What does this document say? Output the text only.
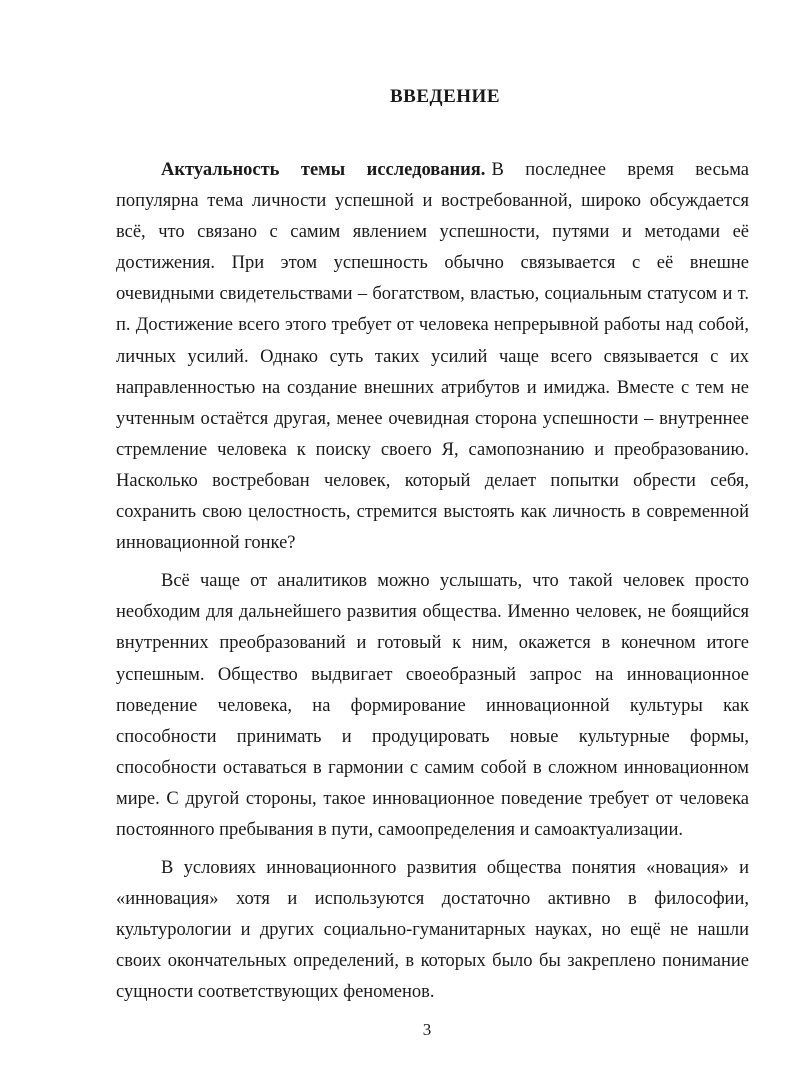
ВВЕДЕНИЕ

Актуальность темы исследования. В последнее время весьма популярна тема личности успешной и востребованной, широко обсуждается всё, что связано с самим явлением успешности, путями и методами её достижения. При этом успешность обычно связывается с её внешне очевидными свидетельствами – богатством, властью, социальным статусом и т. п. Достижение всего этого требует от человека непрерывной работы над собой, личных усилий. Однако суть таких усилий чаще всего связывается с их направленностью на создание внешних атрибутов и имиджа. Вместе с тем не учтенным остаётся другая, менее очевидная сторона успешности – внутреннее стремление человека к поиску своего Я, самопознанию и преобразованию. Насколько востребован человек, который делает попытки обрести себя, сохранить свою целостность, стремится выстоять как личность в современной инновационной гонке?

Всё чаще от аналитиков можно услышать, что такой человек просто необходим для дальнейшего развития общества. Именно человек, не боящийся внутренних преобразований и готовый к ним, окажется в конечном итоге успешным. Общество выдвигает своеобразный запрос на инновационное поведение человека, на формирование инновационной культуры как способности принимать и продуцировать новые культурные формы, способности оставаться в гармонии с самим собой в сложном инновационном мире. С другой стороны, такое инновационное поведение требует от человека постоянного пребывания в пути, самоопределения и самоактуализации.

В условиях инновационного развития общества понятия «новация» и «инновация» хотя и используются достаточно активно в философии, культурологии и других социально-гуманитарных науках, но ещё не нашли своих окончательных определений, в которых было бы закреплено понимание сущности соответствующих феноменов.

3
